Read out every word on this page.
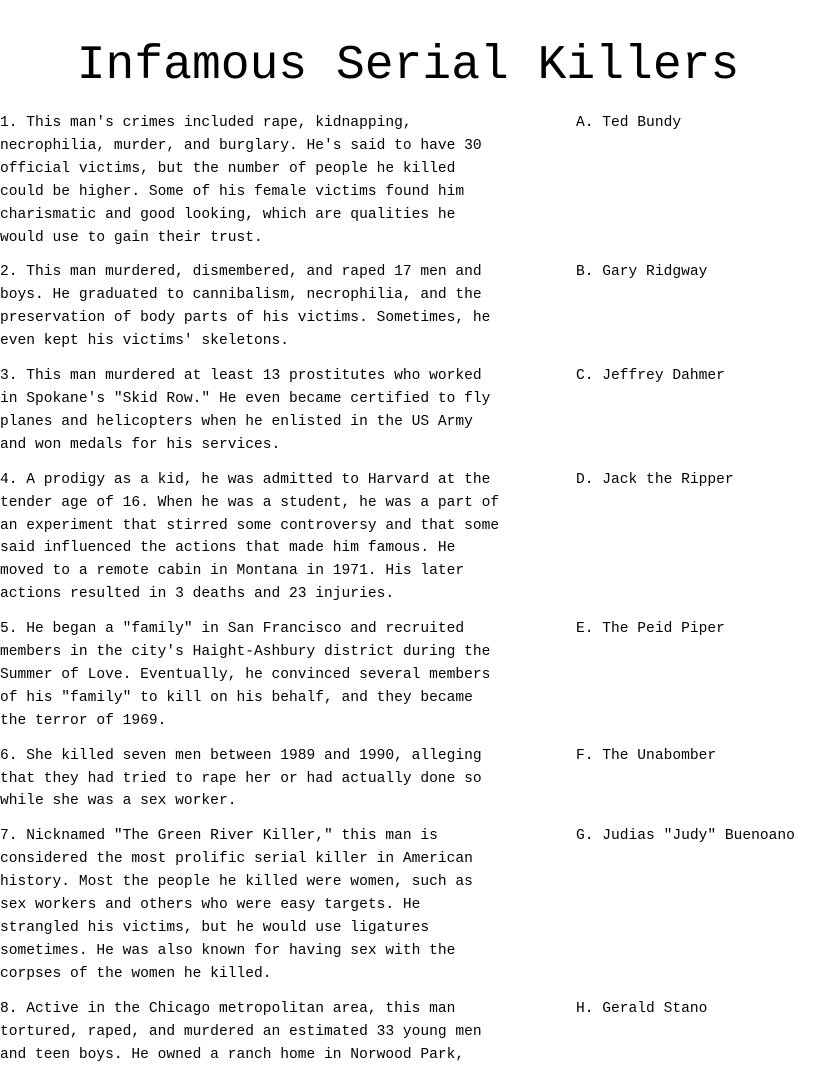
Infamous Serial Killers
1. This man's crimes included rape, kidnapping,
necrophilia, murder, and burglary. He's said to have 30
official victims, but the number of people he killed
could be higher. Some of his female victims found him
charismatic and good looking, which are qualities he
would use to gain their trust.
A. Ted Bundy
2. This man murdered, dismembered, and raped 17 men and
boys. He graduated to cannibalism, necrophilia, and the
preservation of body parts of his victims. Sometimes, he
even kept his victims' skeletons.
B. Gary Ridgway
3. This man murdered at least 13 prostitutes who worked
in Spokane's "Skid Row." He even became certified to fly
planes and helicopters when he enlisted in the US Army
and won medals for his services.
C. Jeffrey Dahmer
4. A prodigy as a kid, he was admitted to Harvard at the
tender age of 16. When he was a student, he was a part of
an experiment that stirred some controversy and that some
said influenced the actions that made him famous. He
moved to a remote cabin in Montana in 1971. His later
actions resulted in 3 deaths and 23 injuries.
D. Jack the Ripper
5. He began a "family" in San Francisco and recruited
members in the city's Haight-Ashbury district during the
Summer of Love. Eventually, he convinced several members
of his "family" to kill on his behalf, and they became
the terror of 1969.
E. The Peid Piper
6. She killed seven men between 1989 and 1990, alleging
that they had tried to rape her or had actually done so
while she was a sex worker.
F. The Unabomber
7. Nicknamed "The Green River Killer," this man is
considered the most prolific serial killer in American
history. Most the people he killed were women, such as
sex workers and others who were easy targets. He
strangled his victims, but he would use ligatures
sometimes. He was also known for having sex with the
corpses of the women he killed.
G. Judias "Judy" Buenoano
8. Active in the Chicago metropolitan area, this man
tortured, raped, and murdered an estimated 33 young men
and teen boys. He owned a ranch home in Norwood Park,
H. Gerald Stano
